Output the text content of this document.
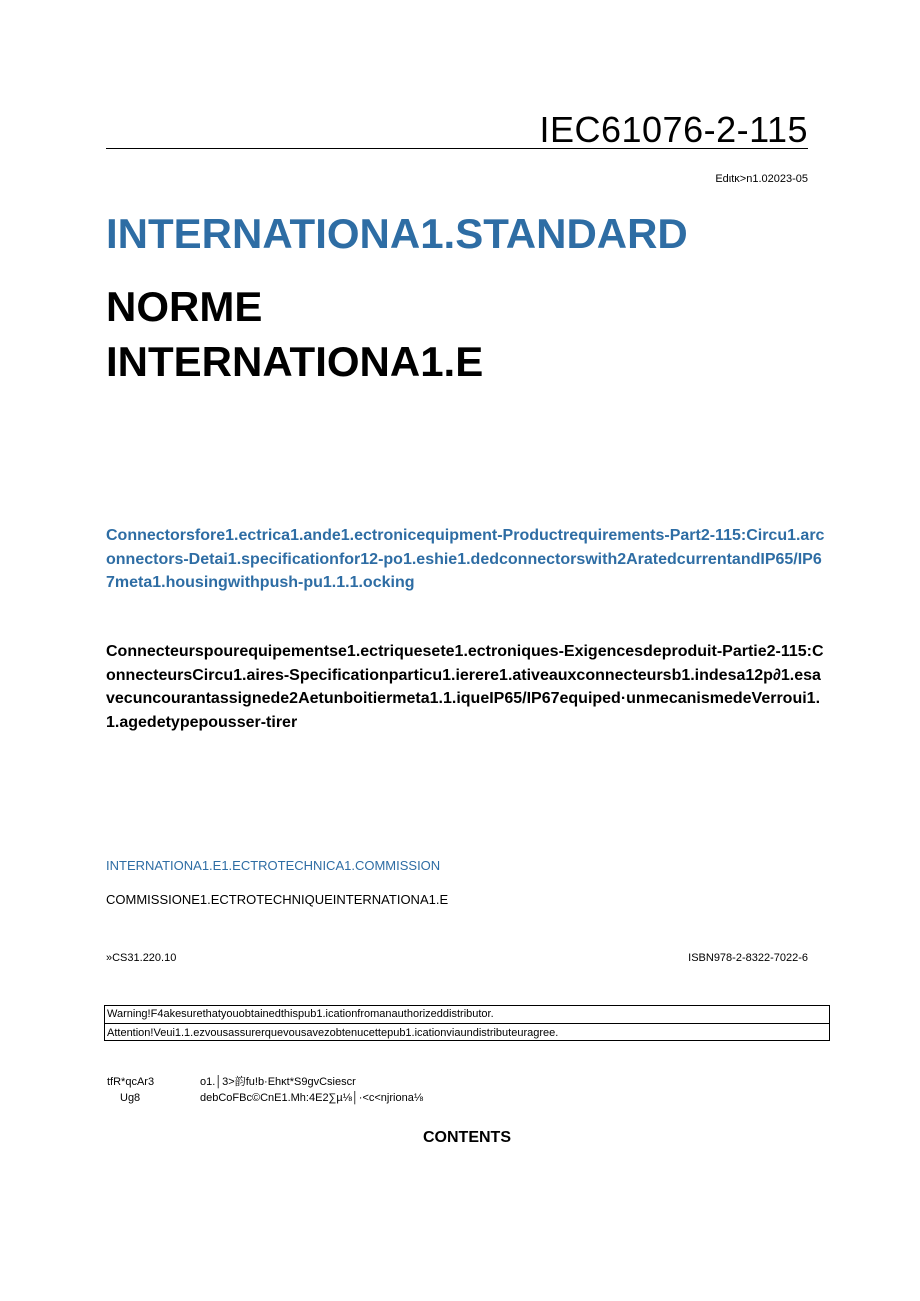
IEC61076-2-115
Edιtκ>n1.02023-05
INTERNATIONA1.STANDARD
NORME
INTERNATIONA1.E
Connectorsfore1.ectrica1.ande1.ectronicequipment-Productrequirements-Part2-115:Circu1.arconnectors-Detai1.specificationfor12-po1.eshie1.dedconnectorswith2AratedcurrentandIP65/IP67meta1.housingwithpush-pu1.1.1.ocking
Connecteurspourequipementse1.ectriquesete1.ectroniques-Exigencesdeproduit-Partie2-115:ConnecteursCircu1.aires-Specificationparticu1.ierere1.ativeauxconnecteursb1.indesa12p∂1.esavecuncourantassignede2Aetunboitiermeta1.1.iqueIP65/IP67equiped·unmecanismedeVerroui1.1.agedetypepousser-tirer
INTERNATIONA1.E1.ECTROTECHNICA1.COMMISSION
COMMISSIONE1.ECTROTECHNIQUEINTERNATIONA1.E
»CS31.220.10	ISBN978-2-8322-7022-6
Warning!F4akesurethatyouobtainedthispub1.icationfromanauthorizeddistributor.
Attention!Veui1.1.ezvousassurerquevousavezobtenucettepub1.icationviaundistributeuragree.
tfR*qcAr3	o1.│3>韵fu!b·Ehκt*S9gvCsiescr
Ug8	debCoFBc©CnE1.Mh:4E2∑µ⅛│·<c<njriona⅛
CONTENTS
